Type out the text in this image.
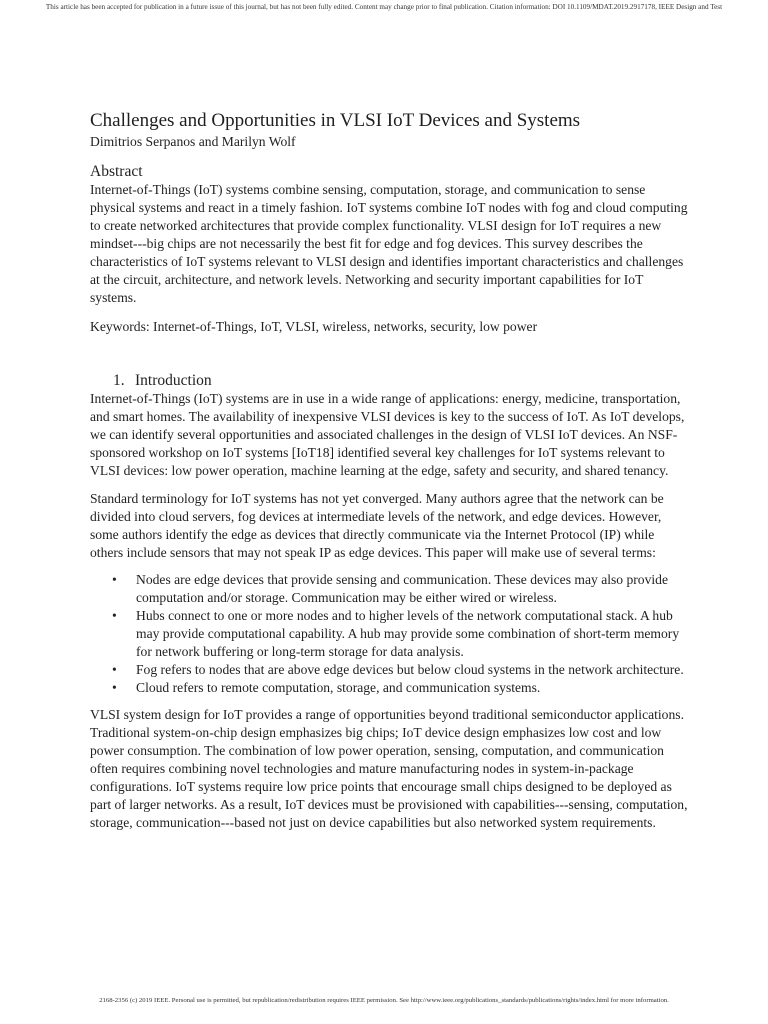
This article has been accepted for publication in a future issue of this journal, but has not been fully edited. Content may change prior to final publication. Citation information: DOI 10.1109/MDAT.2019.2917178, IEEE Design and Test
Challenges and Opportunities in VLSI IoT Devices and Systems

Dimitrios Serpanos and Marilyn Wolf

Abstract

Internet-of-Things (IoT) systems combine sensing, computation, storage, and communication to sense physical systems and react in a timely fashion. IoT systems combine IoT nodes with fog and cloud computing to create networked architectures that provide complex functionality. VLSI design for IoT requires a new mindset---big chips are not necessarily the best fit for edge and fog devices. This survey describes the characteristics of IoT systems relevant to VLSI design and identifies important characteristics and challenges at the circuit, architecture, and network levels. Networking and security important capabilities for IoT systems.

Keywords: Internet-of-Things, IoT, VLSI, wireless, networks, security, low power

1. Introduction

Internet-of-Things (IoT) systems are in use in a wide range of applications: energy, medicine, transportation, and smart homes. The availability of inexpensive VLSI devices is key to the success of IoT. As IoT develops, we can identify several opportunities and associated challenges in the design of VLSI IoT devices. An NSF-sponsored workshop on IoT systems [IoT18] identified several key challenges for IoT systems relevant to VLSI devices: low power operation, machine learning at the edge, safety and security, and shared tenancy.

Standard terminology for IoT systems has not yet converged. Many authors agree that the network can be divided into cloud servers, fog devices at intermediate levels of the network, and edge devices. However, some authors identify the edge as devices that directly communicate via the Internet Protocol (IP) while others include sensors that may not speak IP as edge devices. This paper will make use of several terms:

• Nodes are edge devices that provide sensing and communication. These devices may also provide computation and/or storage. Communication may be either wired or wireless.
• Hubs connect to one or more nodes and to higher levels of the network computational stack. A hub may provide computational capability. A hub may provide some combination of short-term memory for network buffering or long-term storage for data analysis.
• Fog refers to nodes that are above edge devices but below cloud systems in the network architecture.
• Cloud refers to remote computation, storage, and communication systems.

VLSI system design for IoT provides a range of opportunities beyond traditional semiconductor applications. Traditional system-on-chip design emphasizes big chips; IoT device design emphasizes low cost and low power consumption. The combination of low power operation, sensing, computation, and communication often requires combining novel technologies and mature manufacturing nodes in system-in-package configurations. IoT systems require low price points that encourage small chips designed to be deployed as part of larger networks. As a result, IoT devices must be provisioned with capabilities---sensing, computation, storage, communication---based not just on device capabilities but also networked system requirements.

2168-2356 (c) 2019 IEEE. Personal use is permitted, but republication/redistribution requires IEEE permission. See http://www.ieee.org/publications_standards/publications/rights/index.html for more information.
